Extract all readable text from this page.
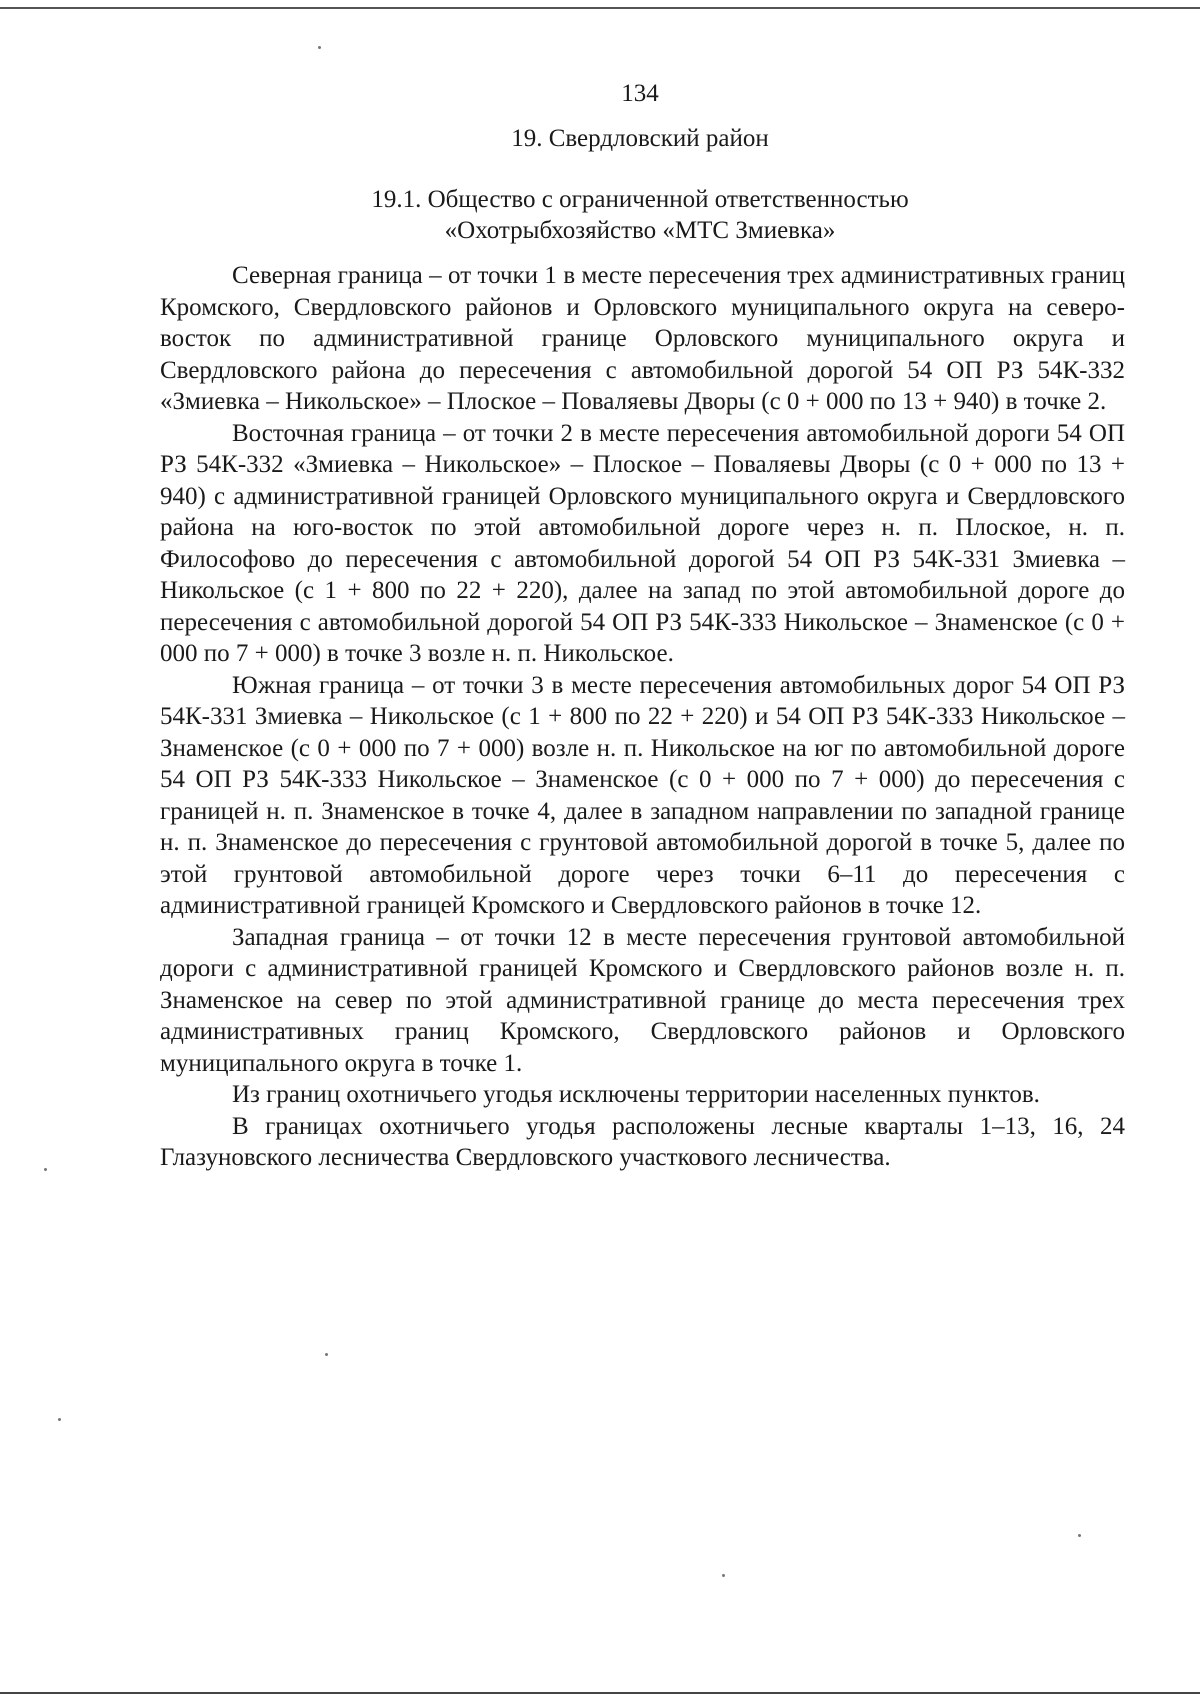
134
19. Свердловский район
19.1. Общество с ограниченной ответственностью
«Охотрыбхозяйство «МТС Змиевка»

Северная граница – от точки 1 в месте пересечения трех административных границ Кромского, Свердловского районов и Орловского муниципального округа на северо-восток по административной границе Орловского муниципального округа и Свердловского района до пересечения с автомобильной дорогой 54 ОП РЗ 54К-332 «Змиевка – Никольское» – Плоское – Поваляевы Дворы (с 0 + 000 по 13 + 940) в точке 2.

Восточная граница – от точки 2 в месте пересечения автомобильной дороги 54 ОП РЗ 54К-332 «Змиевка – Никольское» – Плоское – Поваляевы Дворы (с 0 + 000 по 13 + 940) с административной границей Орловского муниципального округа и Свердловского района на юго-восток по этой автомобильной дороге через н. п. Плоское, н. п. Философово до пересечения с автомобильной дорогой 54 ОП РЗ 54К-331 Змиевка – Никольское (с 1 + 800 по 22 + 220), далее на запад по этой автомобильной дороге до пересечения с автомобильной дорогой 54 ОП РЗ 54К-333 Никольское – Знаменское (с 0 + 000 по 7 + 000) в точке 3 возле н. п. Никольское.

Южная граница – от точки 3 в месте пересечения автомобильных дорог 54 ОП РЗ 54К-331 Змиевка – Никольское (с 1 + 800 по 22 + 220) и 54 ОП РЗ 54К-333 Никольское – Знаменское (с 0 + 000 по 7 + 000) возле н. п. Никольское на юг по автомобильной дороге 54 ОП РЗ 54К-333 Никольское – Знаменское (с 0 + 000 по 7 + 000) до пересечения с границей н. п. Знаменское в точке 4, далее в западном направлении по западной границе н. п. Знаменское до пересечения с грунтовой автомобильной дорогой в точке 5, далее по этой грунтовой автомобильной дороге через точки 6–11 до пересечения с административной границей Кромского и Свердловского районов в точке 12.

Западная граница – от точки 12 в месте пересечения грунтовой автомобильной дороги с административной границей Кромского и Свердловского районов возле н. п. Знаменское на север по этой административной границе до места пересечения трех административных границ Кромского, Свердловского районов и Орловского муниципального округа в точке 1.

Из границ охотничьего угодья исключены территории населенных пунктов.

В границах охотничьего угодья расположены лесные кварталы 1–13, 16, 24 Глазуновского лесничества Свердловского участкового лесничества.
